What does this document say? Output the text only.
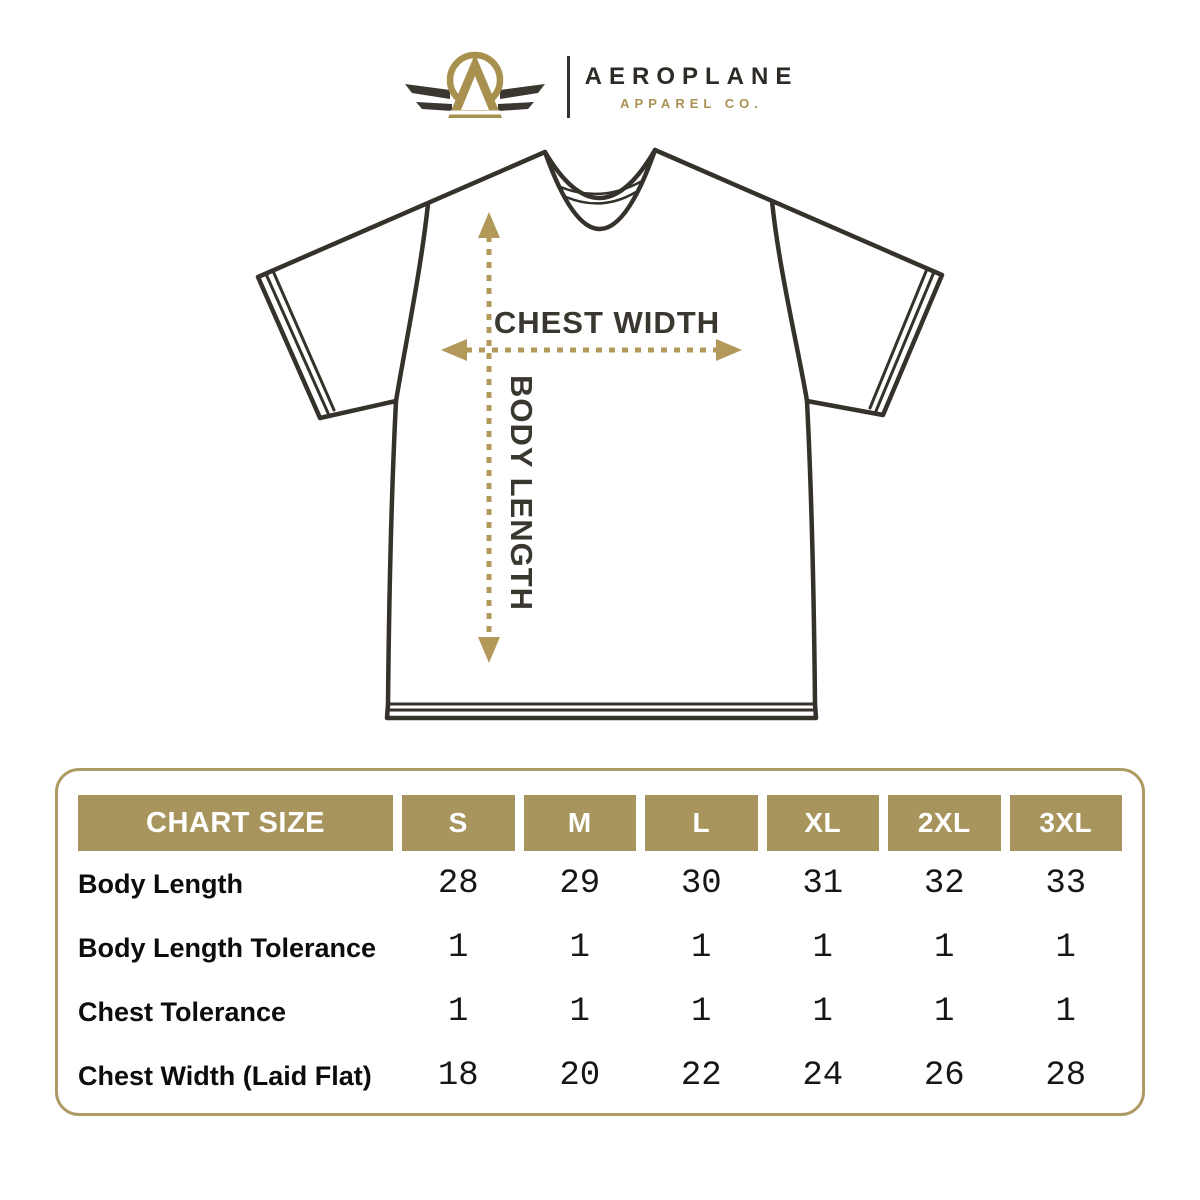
AEROPLANE
APPAREL CO.
CHEST WIDTH
BODY LENGTH
CHART SIZE	S	M	L	XL	2XL	3XL
Body Length	28	29	30	31	32	33
Body Length Tolerance	1	1	1	1	1	1
Chest Tolerance	1	1	1	1	1	1
Chest Width (Laid Flat)	18	20	22	24	26	28
